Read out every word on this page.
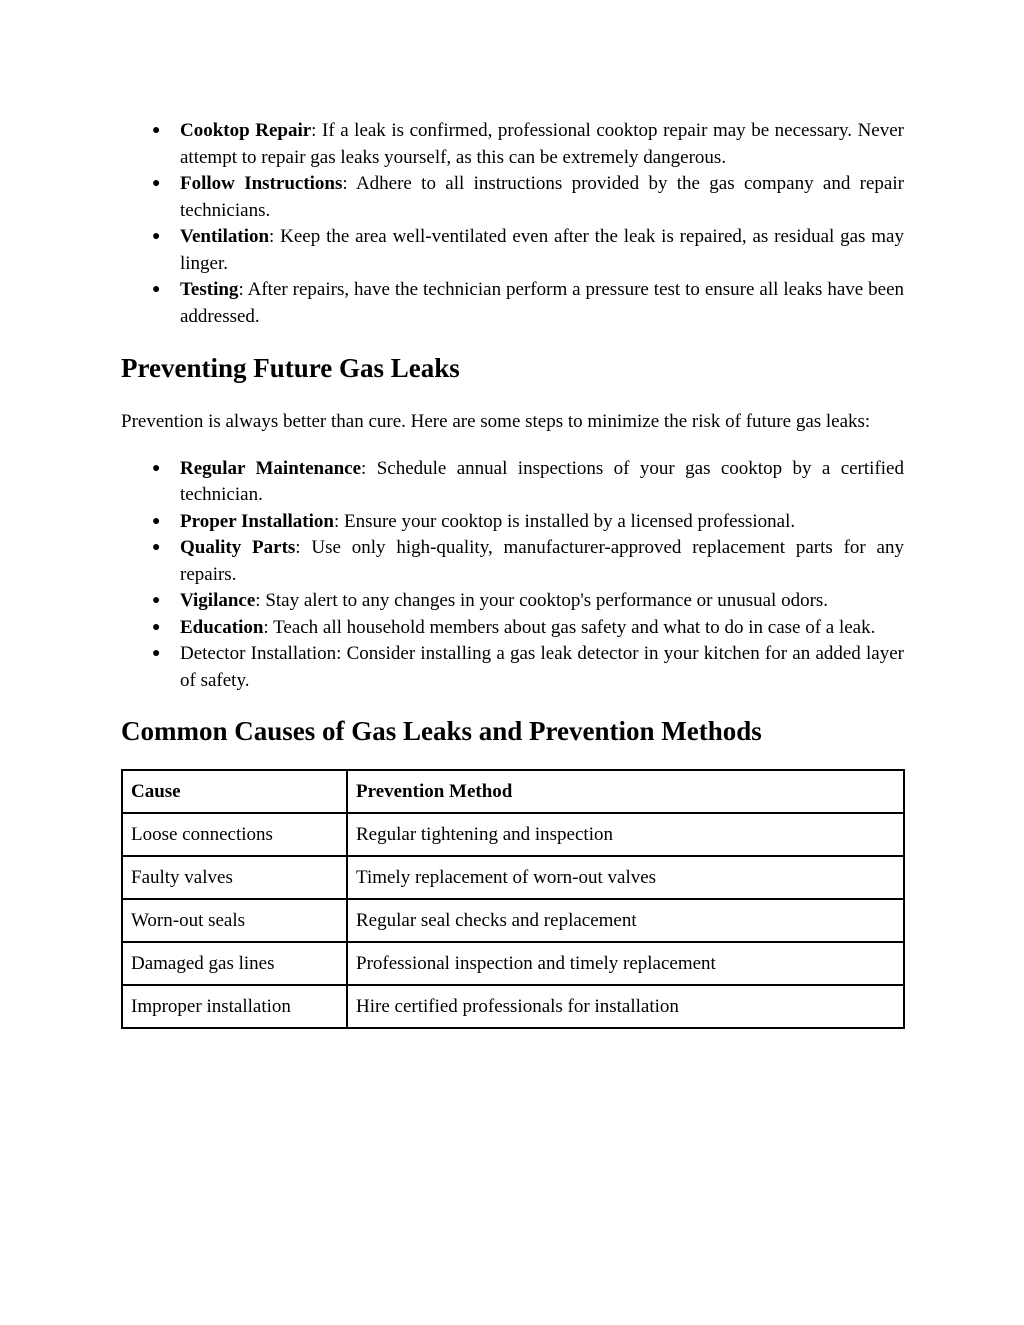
● Cooktop Repair: If a leak is confirmed, professional cooktop repair may be necessary. Never attempt to repair gas leaks yourself, as this can be extremely dangerous.
● Follow Instructions: Adhere to all instructions provided by the gas company and repair technicians.
● Ventilation: Keep the area well-ventilated even after the leak is repaired, as residual gas may linger.
● Testing: After repairs, have the technician perform a pressure test to ensure all leaks have been addressed.
Preventing Future Gas Leaks

Prevention is always better than cure. Here are some steps to minimize the risk of future gas leaks:

● Regular Maintenance: Schedule annual inspections of your gas cooktop by a certified technician.
● Proper Installation: Ensure your cooktop is installed by a licensed professional.
● Quality Parts: Use only high-quality, manufacturer-approved replacement parts for any repairs.
● Vigilance: Stay alert to any changes in your cooktop's performance or unusual odors.
● Education: Teach all household members about gas safety and what to do in case of a leak.
● Detector Installation: Consider installing a gas leak detector in your kitchen for an added layer of safety.
Common Causes of Gas Leaks and Prevention Methods
Cause	Prevention Method
Loose connections	Regular tightening and inspection
Faulty valves	Timely replacement of worn-out valves
Worn-out seals	Regular seal checks and replacement
Damaged gas lines	Professional inspection and timely replacement
Improper installation	Hire certified professionals for installation
